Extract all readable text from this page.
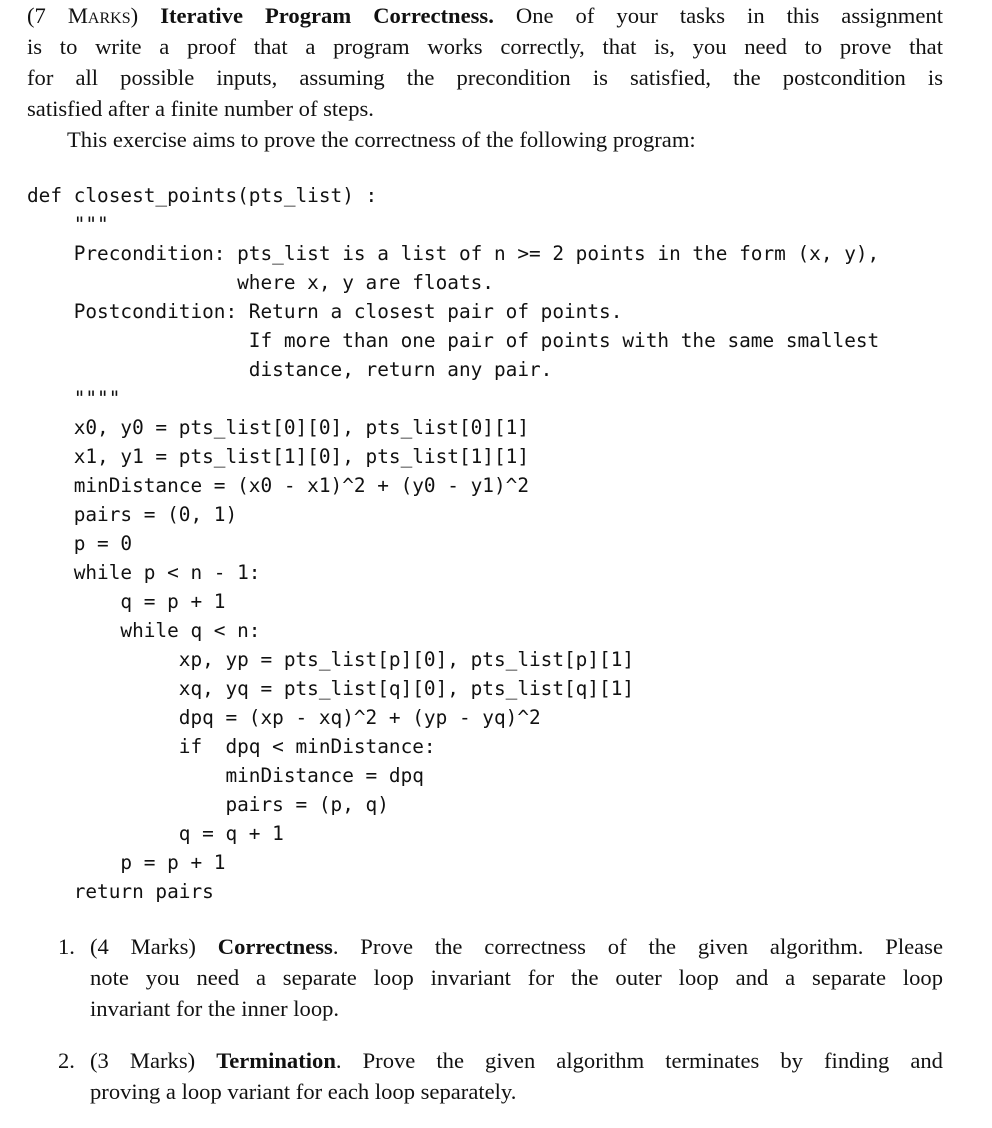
(7 Marks) Iterative Program Correctness. One of your tasks in this assignment
is to write a proof that a program works correctly, that is, you need to prove that
for all possible inputs, assuming the precondition is satisfied, the postcondition is
satisfied after a finite number of steps.
This exercise aims to prove the correctness of the following program:
def closest_points(pts_list) :
"""
Precondition: pts_list is a list of n >= 2 points in the form (x, y),
where x, y are floats.
Postcondition: Return a closest pair of points.
If more than one pair of points with the same smallest
distance, return any pair.
""""
x0, y0 = pts_list[0][0], pts_list[0][1]
x1, y1 = pts_list[1][0], pts_list[1][1]
minDistance = (x0 - x1)^2 + (y0 - y1)^2
pairs = (0, 1)
p = 0
while p < n - 1:
q = p + 1
while q < n:
xp, yp = pts_list[p][0], pts_list[p][1]
xq, yq = pts_list[q][0], pts_list[q][1]
dpq = (xp - xq)^2 + (yp - yq)^2
if  dpq < minDistance:
minDistance = dpq
pairs = (p, q)
q = q + 1
p = p + 1
return pairs
1. (4 Marks) Correctness. Prove the correctness of the given algorithm. Please
note you need a separate loop invariant for the outer loop and a separate loop
invariant for the inner loop.
2. (3 Marks) Termination. Prove the given algorithm terminates by finding and
proving a loop variant for each loop separately.
